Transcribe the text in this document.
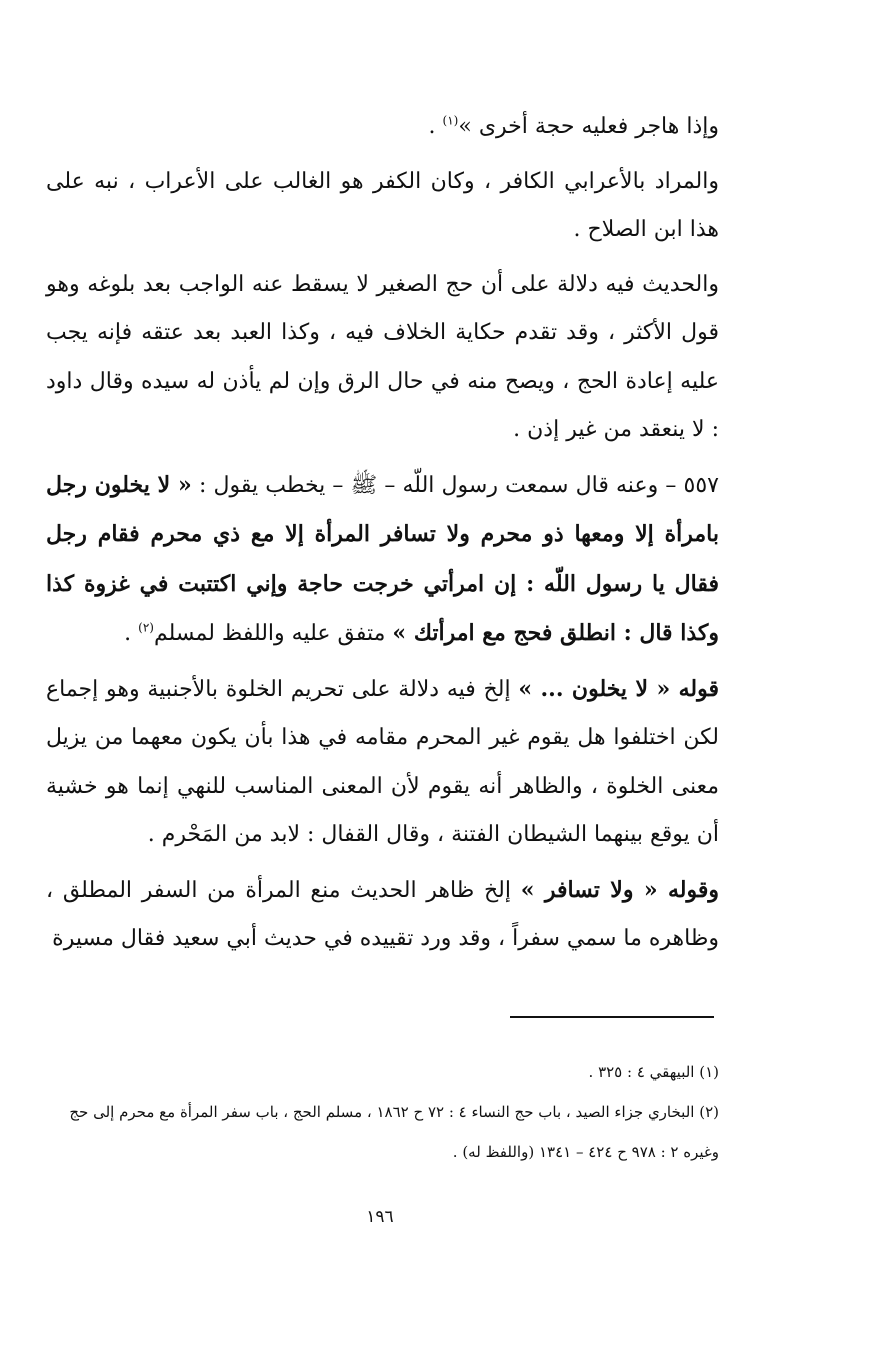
وإذا هاجر فعليه حجة أخرى »$^{(١)}$ .

والمراد بالأعرابي الكافر ، وكان الكفر هو الغالب على الأعراب ، نبه على هذا ابن الصلاح .

والحديث فيه دلالة على أن حج الصغير لا يسقط عنه الواجب بعد بلوغه وهو قول الأكثر ، وقد تقدم حكاية الخلاف فيه ، وكذا العبد بعد عتقه فإنه يجب عليه إعادة الحج ، ويصح منه في حال الرق وإن لم يأذن له سيده وقال داود : لا ينعقد من غير إذن .

٥٥٧ – وعنه قال سمعت رسول اللّه – ﷺ – يخطب يقول : « لا يخلون رجل بامرأة إلا ومعها ذو محرم ولا تسافر المرأة إلا مع ذي محرم فقام رجل فقال يا رسول اللّه : إن امرأتي خرجت حاجة وإني اكتتبت في غزوة كذا وكذا قال : انطلق فحج مع امرأتك » متفق عليه واللفظ لمسلم$^{(٢)}$ .

قوله « لا يخلون ... » إلخ فيه دلالة على تحريم الخلوة بالأجنبية وهو إجماع لكن اختلفوا هل يقوم غير المحرم مقامه في هذا بأن يكون معهما من يزيل معنى الخلوة ، والظاهر أنه يقوم لأن المعنى المناسب للنهي إنما هو خشية أن يوقع بينهما الشيطان الفتنة ، وقال القفال : لابد من المَحْرم .

وقوله « ولا تسافر » إلخ ظاهر الحديث منع المرأة من السفر المطلق ، وظاهره ما سمي سفراً ، وقد ورد تقييده في حديث أبي سعيد فقال مسيرة

(١) البيهقي ٤ : ٣٢٥ .

(٢) البخاري جزاء الصيد ، باب حج النساء ٤ : ٧٢ ح ١٨٦٢ ، مسلم الحج ، باب سفر المرأة مع محرم إلى حج وغيره ٢ : ٩٧٨ ح ٤٢٤ – ١٣٤١ (واللفظ له) .

١٩٦
